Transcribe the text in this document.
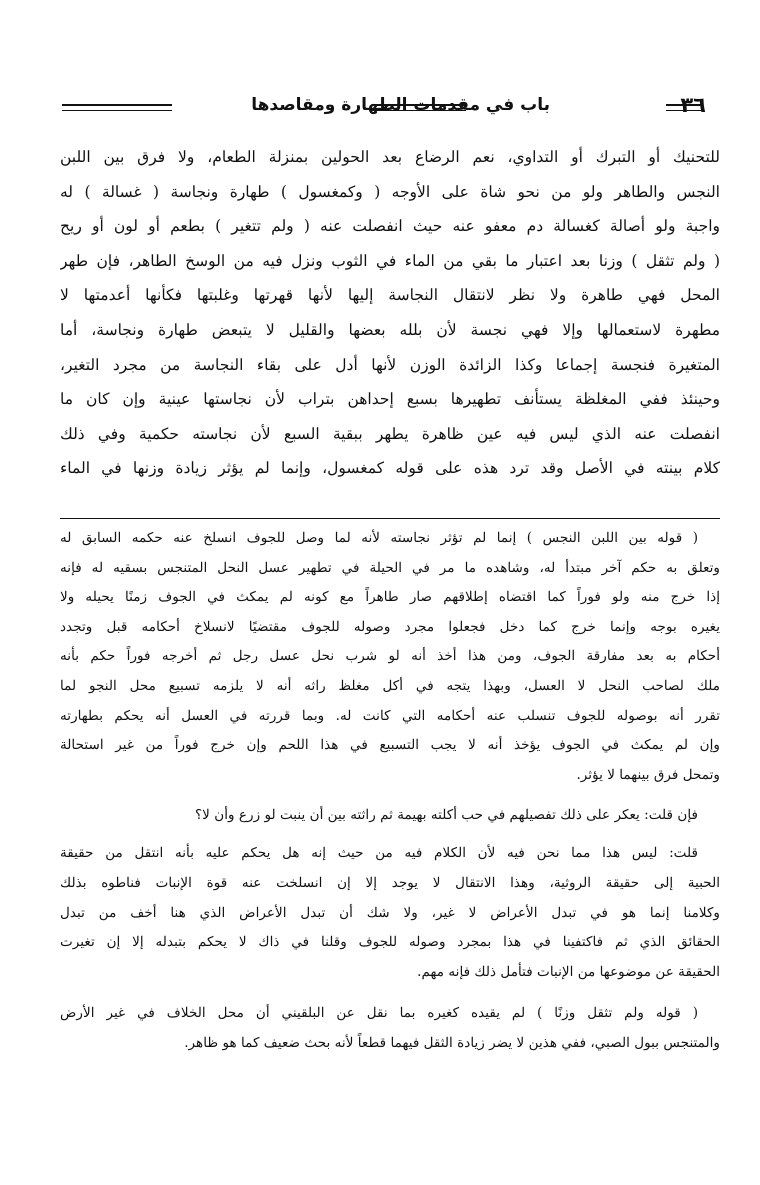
٣٦
باب في مقدمات الطهارة ومقاصدها
للتحنيك أو التبرك أو التداوي، نعم الرضاع بعد الحولين بمنزلة الطعام، ولا فرق بين اللبن
النجس والطاهر ولو من نحو شاة على الأوجه ( وكمغسول ) طهارة ونجاسة ( غسالة ) له
واجبة ولو أصالة كغسالة دم معفو عنه حيث انفصلت عنه ( ولم تتغير ) بطعم أو لون أو ريح
( ولم تثقل ) وزنا بعد اعتبار ما بقي من الماء في الثوب ونزل فيه من الوسخ الطاهر، فإن طهر
المحل فهي طاهرة ولا نظر لانتقال النجاسة إليها لأنها قهرتها وغلبتها فكأنها أعدمتها لا
مطهرة لاستعمالها وإلا فهي نجسة لأن بلله بعضها والقليل لا يتبعض طهارة ونجاسة، أما
المتغيرة فنجسة إجماعا وكذا الزائدة الوزن لأنها أدل على بقاء النجاسة من مجرد التغير،
وحينئذ ففي المغلظة يستأنف تطهيرها بسبع إحداهن بتراب لأن نجاستها عينية وإن كان ما
انفصلت عنه الذي ليس فيه عين ظاهرة يطهر ببقية السبع لأن نجاسته حكمية وفي ذلك
كلام بينته في الأصل وقد ترد هذه على قوله كمغسول، وإنما لم يؤثر زيادة وزنها في الماء
( قوله بين اللبن النجس ) إنما لم تؤثر نجاسته لأنه لما وصل للجوف انسلخ عنه حكمه السابق له
وتعلق به حكم آخر مبتدأ له، وشاهده ما مر في الحيلة في تطهير عسل النحل المتنجس بسقيه له فإنه
إذا خرج منه ولو فوراً كما اقتضاه إطلاقهم صار طاهراً مع كونه لم يمكث في الجوف زمنًا يحيله ولا
يغيره بوجه وإنما خرج كما دخل فجعلوا مجرد وصوله للجوف مقتضيًا لانسلاخ أحكامه قبل وتجدد
أحكام به بعد مفارقة الجوف، ومن هذا أخذ أنه لو شرب نحل عسل رجل ثم أخرجه فوراً حكم بأنه
ملك لصاحب النحل لا العسل، وبهذا يتجه في أكل مغلظ راثه أنه لا يلزمه تسبيع محل النجو لما
تقرر أنه بوصوله للجوف تنسلب عنه أحكامه التي كانت له. وبما قررته في العسل أنه يحكم بطهارته
وإن لم يمكث في الجوف يؤخذ أنه لا يجب التسبيع في هذا اللحم وإن خرج فوراً من غير استحالة
وتمحل فرق بينهما لا يؤثر.
فإن قلت: يعكر على ذلك تفصيلهم في حب أكلته بهيمة ثم راثته بين أن ينبت لو زرع وأن لا؟
قلت: ليس هذا مما نحن فيه لأن الكلام فيه من حيث إنه هل يحكم عليه بأنه انتقل من حقيقة
الحبية إلى حقيقة الروثية، وهذا الانتقال لا يوجد إلا إن انسلخت عنه قوة الإنبات فناطوه بذلك
وكلامنا إنما هو في تبدل الأعراض لا غير، ولا شك أن تبدل الأعراض الذي هنا أخف من تبدل
الحقائق الذي ثم فاكتفينا في هذا بمجرد وصوله للجوف وقلنا في ذاك لا يحكم بتبدله إلا إن تغيرت
الحقيقة عن موضوعها من الإنبات فتأمل ذلك فإنه مهم.
( قوله ولم تثقل وزنًا ) لم يقيده كغيره بما نقل عن البلقيني أن محل الخلاف في غير الأرض
والمتنجس ببول الصبي، ففي هذين لا يضر زيادة الثقل فيهما قطعاً لأنه بحث ضعيف كما هو ظاهر.
